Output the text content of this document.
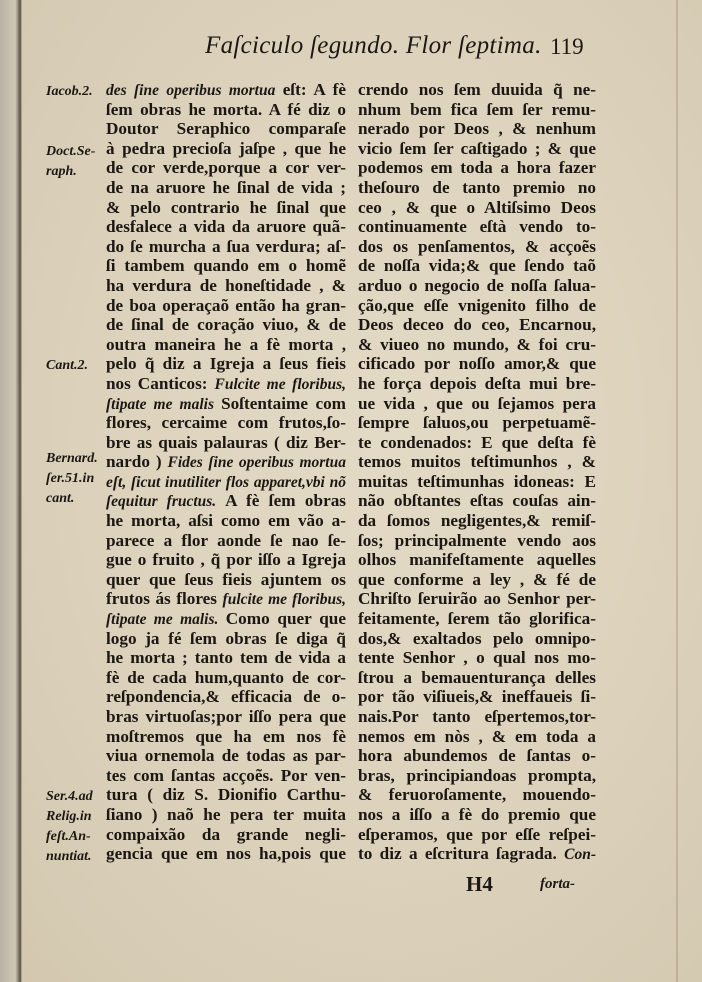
Faſciculo ſegundo. Flor ſeptima. 119
des ſine operibus mortua eſt: A fè
ſem obras he morta. A fé diz o
Doutor Seraphico comparaſe
à pedra precioſa jaſpe , que he
de cor verde,porque a cor ver-
de na aruore he ſinal de vida ;
& pelo contrario he ſinal que
desfalece a vida da aruore quã-
do ſe murcha a ſua verdura; aſ-
ſi tambem quando em o homẽ
ha verdura de honeſtidade , &
de boa operaçaõ então ha gran-
de ſinal de coração viuo, & de
outra maneira he a fè morta ,
pelo q̃ diz a Igreja a ſeus fieis
nos Canticos: Fulcite me floribus,
ſtipate me malis Soſtentaime com
flores, cercaime com frutos,ſo-
bre as quais palauras ( diz Ber-
nardo ) Fides ſine operibus mortua
eſt, ſicut inutiliter flos apparet,vbi nõ
ſequitur fructus. A fè ſem obras
he morta, aſsi como em vão a-
parece a flor aonde ſe nao ſe-
gue o fruito , q̃ por iſſo a Igreja
quer que ſeus fieis ajuntem os
frutos ás flores fulcite me floribus,
ſtipate me malis. Como quer que
logo ja fé ſem obras ſe diga q̃
he morta ; tanto tem de vida a
fè de cada hum,quanto de cor-
reſpondencia,& efficacia de o-
bras virtuoſas;por iſſo pera que
moſtremos que ha em nos fè
viua ornemola de todas as par-
tes com ſantas acçoẽs. Por ven-
tura ( diz S. Dionifio Carthu-
ſiano ) naõ he pera ter muita
compaixão da grande negli-
gencia que em nos ha,pois que
crendo nos ſem duuida q̃ ne-
nhum bem fica ſem ſer remu-
nerado por Deos , & nenhum
vicio ſem ſer caſtigado ; & que
podemos em toda a hora fazer
theſouro de tanto premio no
ceo , & que o Altiſsimo Deos
continuamente eſtà vendo to-
dos os penſamentos, & acçoẽs
de noſſa vida;& que ſendo taõ
arduo o negocio de noſſa ſalua-
ção,que eſſe vnigenito filho de
Deos deceo do ceo, Encarnou,
& viueo no mundo, & foi cru-
cificado por noſſo amor,& que
he força depois deſta mui bre-
ue vida , que ou ſejamos pera
ſempre ſaluos,ou perpetuamẽ-
te condenados: E que deſta fè
temos muitos teſtimunhos , &
muitas teſtimunhas idoneas: E
não obſtantes eſtas couſas ain-
da ſomos negligentes,& remiſ-
ſos; principalmente vendo aos
olhos manifeſtamente aquelles
que conforme a ley , & fé de
Chriſto ſeruirão ao Senhor per-
feitamente, ſerem tão glorifica-
dos,& exaltados pelo omnipo-
tente Senhor , o qual nos mo-
ſtrou a bemauenturança delles
por tão viſiueis,& ineffaueis ſi-
nais.Por tanto eſpertemos,tor-
nemos em nòs , & em toda a
hora abundemos de ſantas o-
bras, principiandoas prompta,
& feruoroſamente, mouendo-
nos a iſſo a fè do premio que
eſperamos, que por eſſe reſpei-
to diz a eſcritura ſagrada. Con-
Iacob.2.
Doct.Se-
raph.
Cant.2.
Bernard.
ſer.51.in
cant.
Ser.4.ad
Relig.in
feſt.An-
nuntiat.
H4	forta-
